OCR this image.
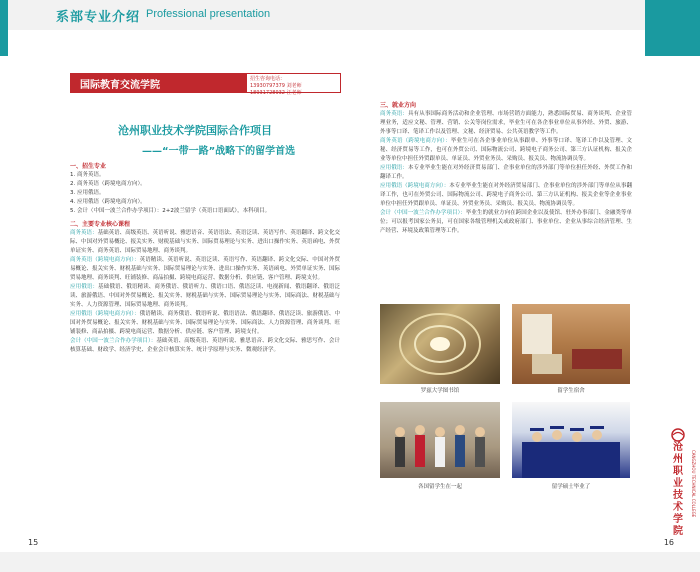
系部专业介绍 Professional presentation
国际教育交流学院
招生咨询电话：
13930797379 刘老师
18931728932 汪老师
沧州职业技术学院国际合作项目
——“一带一路”战略下的留学首选
一、招生专业
1. 商务英语。
2. 商务英语（跨境电商方向）。
3. 应用俄语。
4. 应用俄语（跨境电商方向）。
5. 会计（中国一波兰合作办学项目）：2+2波兰留学（英语口语面试），本科项目。
二、主要专业核心课程
商务英语：基础英语、高级英语、英语听说、雅思语音、英语语法、英语泛读、英语写作、英语翻译、跨文化交际、中国对外贸易概论、报关实务、财税基础与实务、国际贸易理论与实务、进出口操作实务、英语函电、外贸单证实务、商务英语、国际贸易地理、商务谈判。
商务英语（跨境电商方向）：英语精读、英语听说、英语泛读、英语写作、英语翻译、跨文化交际、中国对外贸易概论、报关实务、财税基础与实务、国际贸易理论与实务、进出口操作实务、英语函电、外贸单证实务、国际贸易地理、商务谈判、旺铺装修、商品拍摄、跨境电商运营、数据分析、供应链、客户管理、跨境支付。
应用俄语：基础俄语、俄语精读、商务俄语、俄语听力、俄语口语、俄语泛读、电视新闻、俄语翻译、俄语泛读、旅游俄语、中国对外贸易概论、报关实务、财税基础与实务、国际贸易理论与实务、国际商法、财税基础与实务、人力资源管理、国际贸易地理、商务谈判。
应用俄语（跨境电商方向）：俄语精读、商务俄语、俄语听说、俄语语法、俄语翻译、俄语泛读、旅游俄语、中国对外贸易概论、报关实务、财税基础与实务、国际贸易理论与实务、国际商法、人力资源管理、商务谈判、旺铺装修、商品拍摄、跨境电商运营、数据分析、供应链、客户管理、跨境支付。
会计（中国一波兰合作办学项目）：基础英语、高级英语、英语听说、雅思语音、跨文化交际、雅思写作、会计核算基础、财政学、经济学史、企业会计核算实务、统计学原理与实务、微观经济学。
三、就业方向
商务英语：具有从事国际商务活动和企业管理、市场营销方面能力，熟悉国际贸易、商务谈判、企业管理业务，适应文秘、管理、营销、公关等岗位需求，毕业生可在各企事业单位从事外经、外贸、旅游、外事等口译、笔译工作以及管理、文秘、经济贸易、公共英语教学等工作。
商务英语（跨境电商方向）：毕业生可在各企事业单位从事跟单、外事等口译、笔译工作以及管理、文秘、经济贸易等工作，也可在外贸公司、国际物流公司、跨境电子商务公司、第三方认证机构、报关企业等单位中担任外贸跟单员、单证员、外贸业务员、采购员、报关员、物流协调员等。
应用俄语：本专业毕业生能在对外经济贸易部门、企事业单位的涉外部门等单位担任外经、外贸工作和翻译工作。
应用俄语（跨境电商方向）：本专业毕业生能在对外经济贸易部门、企事业单位的涉外部门等单位从事翻译工作，也可在外贸公司、国际物流公司、跨境电子商务公司、第三方认证机构、报关企业等企业事业单位中担任外贸跟单员、单证员、外贸业务员、采购员、报关员、物流协调员等。
会计（中国一波兰合作办学项目）：毕业生的就业方向在跨国企业以及使馆、驻外办事部门、金融类等单位；可以报考国家公务员，可在国家各级管理机关或政府部门、事业单位、企业从事综合经济管理、生产经营、环境及政策管理等工作。
罗兹大学图书馆	留学生宿舍
各国留学生在一起	留学硕士毕业了
沧州职业技术学院
CANGZHOU TECHNICAL COLLEGE
15	16
